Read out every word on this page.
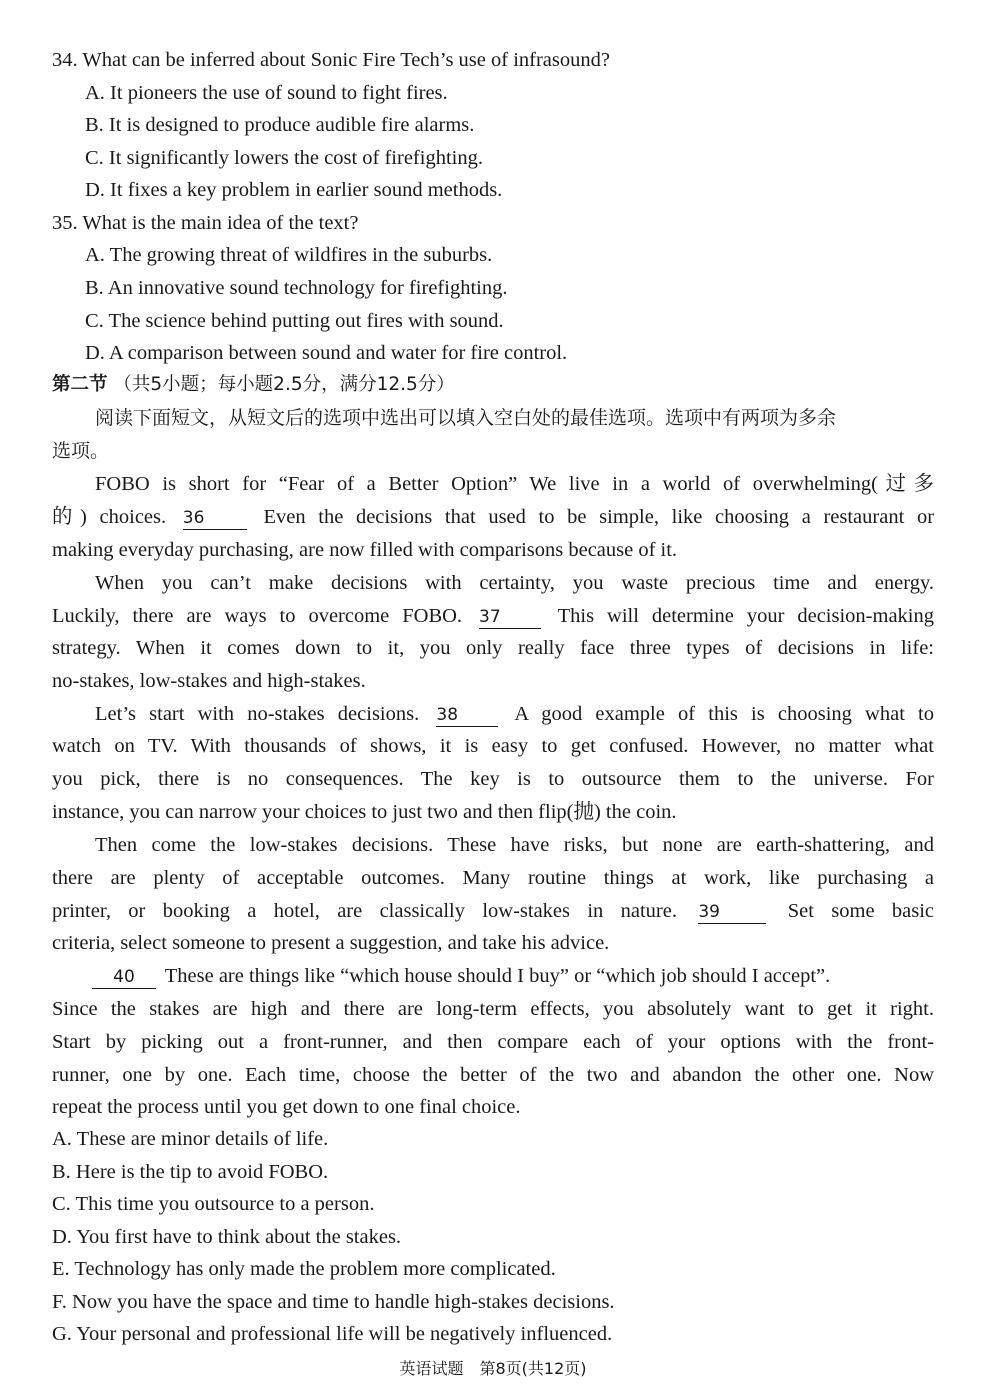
34. What can be inferred about Sonic Fire Tech’s use of infrasound?
A. It pioneers the use of sound to fight fires.
B. It is designed to produce audible fire alarms.
C. It significantly lowers the cost of firefighting.
D. It fixes a key problem in earlier sound methods.
35. What is the main idea of the text?
A. The growing threat of wildfires in the suburbs.
B. An innovative sound technology for firefighting.
C. The science behind putting out fires with sound.
D. A comparison between sound and water for fire control.
第二节 （共5小题；每小题2.5分，满分12.5分）
阅读下面短文，从短文后的选项中选出可以填入空白处的最佳选项。选项中有两项为多余
选项。
FOBO is short for “Fear of a Better Option” We live in a world of overwhelming(过多
的) choices. 36	Even the decisions that used to be simple, like choosing a restaurant or
making everyday purchasing, are now filled with comparisons because of it.
When you can’t make decisions with certainty, you waste precious time and energy.
Luckily, there are ways to overcome FOBO. 37	This will determine your decision-making
strategy. When it comes down to it, you only really face three types of decisions in life:
no-stakes, low-stakes and high-stakes.
Let’s start with no-stakes decisions. 38	A good example of this is choosing what to
watch on TV. With thousands of shows, it is easy to get confused. However, no matter what
you pick, there is no consequences. The key is to outsource them to the universe. For
instance, you can narrow your choices to just two and then flip(抛) the coin.
Then come the low-stakes decisions. These have risks, but none are earth-shattering, and
there are plenty of acceptable outcomes. Many routine things at work, like purchasing a
printer, or booking a hotel, are classically low-stakes in nature. 39	Set some basic
criteria, select someone to present a suggestion, and take his advice.
40 These are things like “which house should I buy” or “which job should I accept”.
Since the stakes are high and there are long-term effects, you absolutely want to get it right.
Start by picking out a front-runner, and then compare each of your options with the front-
runner, one by one. Each time, choose the better of the two and abandon the other one. Now
repeat the process until you get down to one final choice.
A. These are minor details of life.
B. Here is the tip to avoid FOBO.
C. This time you outsource to a person.
D. You first have to think about the stakes.
E. Technology has only made the problem more complicated.
F. Now you have the space and time to handle high-stakes decisions.
G. Your personal and professional life will be negatively influenced.
英语试题　第8页(共12页)
